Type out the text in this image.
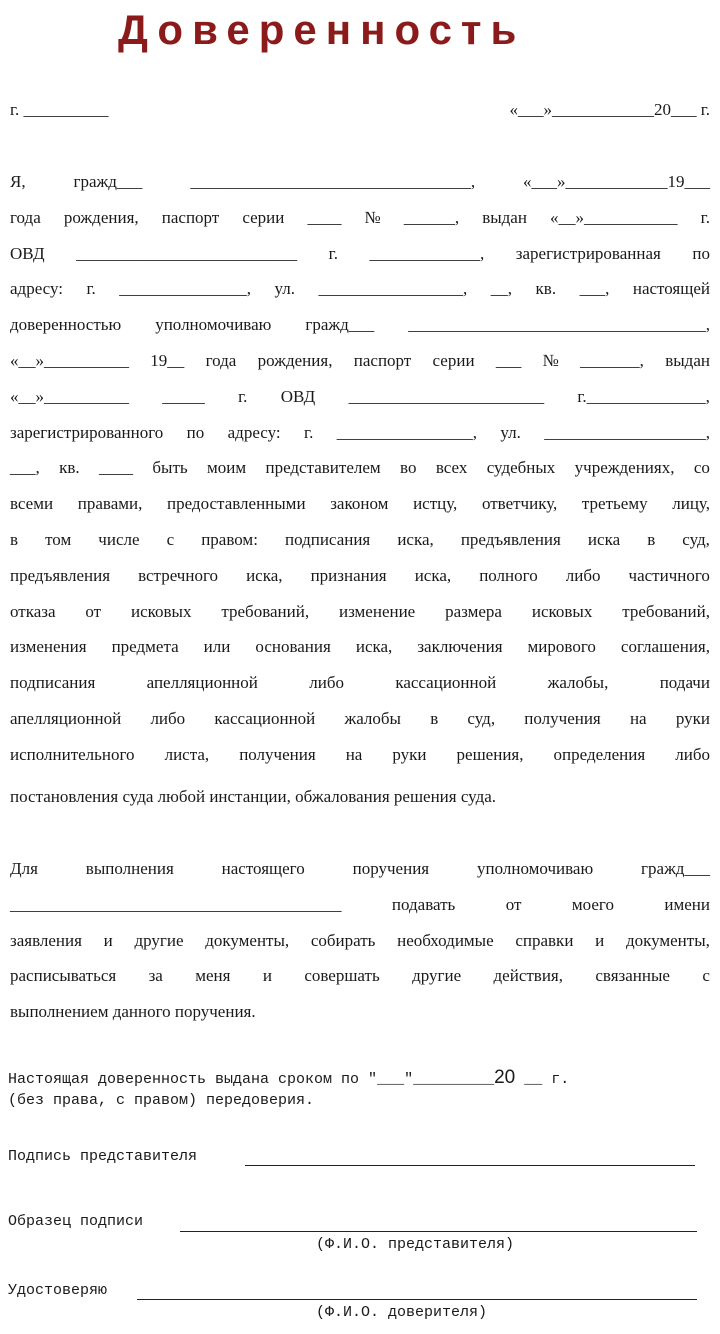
Доверенность
г. __________	«___»____________20___ г.
Я,	гражд___	_________________________________,	«___»____________19___
года рождения, паспорт серии ____ № ______, выдан «__»___________ г.
ОВД __________________________ г. _____________, зарегистрированная по
адресу: г. _______________, ул. _________________, __, кв. ___, настоящей
доверенностью уполномочиваю гражд___ ___________________________________,
«__»__________ 19__ года рождения, паспорт серии ___ № _______, выдан
«__»__________ _____ г. ОВД _______________________ г.______________,
зарегистрированного по адресу: г. ________________, ул. ___________________,
___, кв. ____ быть моим представителем во всех судебных учреждениях, со
всеми правами, предоставленными законом истцу, ответчику, третьему лицу,
в том числе с правом: подписания иска, предъявления иска в суд,
предъявления встречного иска, признания иска, полного либо частичного
отказа от исковых требований, изменение размера исковых требований,
изменения предмета или основания иска, заключения мирового соглашения,
подписания	апелляционной	либо	кассационной	жалобы,	подачи
апелляционной либо кассационной жалобы в суд, получения на руки
исполнительного листа, получения на руки решения, определения либо
постановления суда любой инстанции, обжалования решения суда.
Для	выполнения	настоящего	поручения	уполномочиваю	гражд___
_______________________________________	подавать	от	моего	имени
заявления и другие документы, собирать необходимые справки и документы,
расписываться за меня и совершать другие действия, связанные с
выполнением данного поручения.
Настоящая доверенность выдана сроком по "___"_________20 __ г.
(без права, с правом) передоверия.
Подпись представителя
Образец подписи
(Ф.И.О. представителя)
Удостоверяю
(Ф.И.О. доверителя)
